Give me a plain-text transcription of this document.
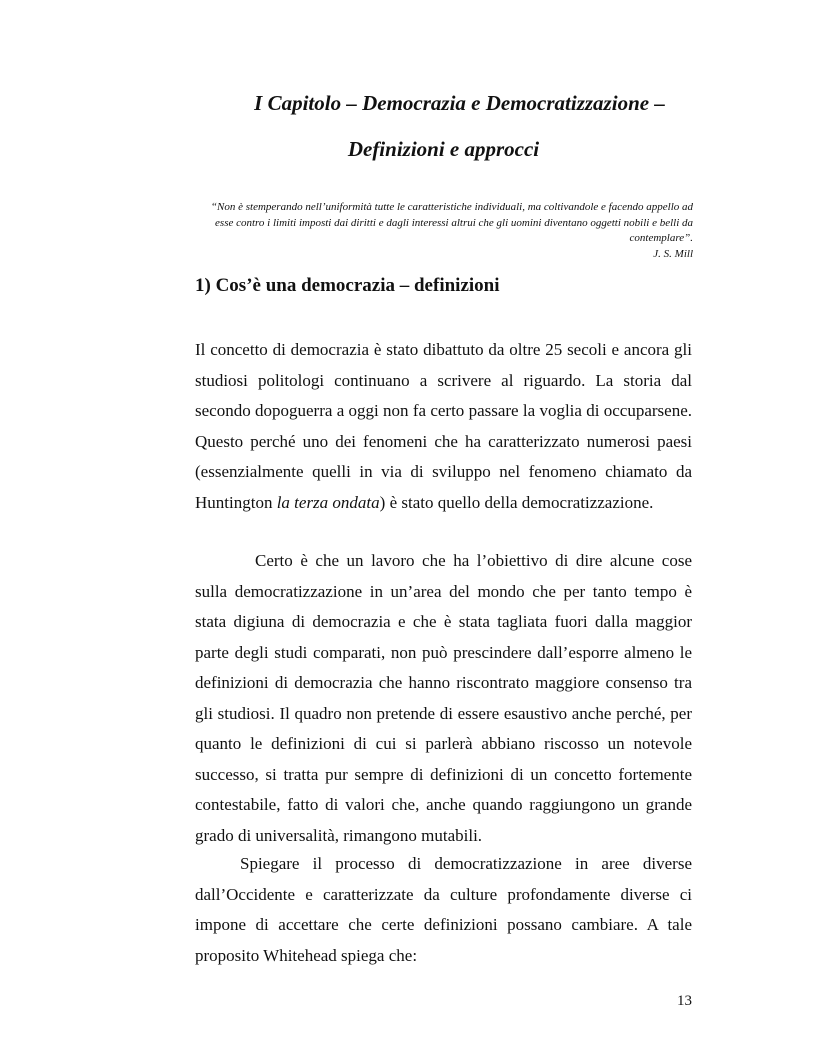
I Capitolo – Democrazia e Democratizzazione –
Definizioni e approcci
“Non è stemperando nell’uniformità tutte le caratteristiche individuali, ma coltivandole e facendo appello ad esse contro i limiti imposti dai diritti e dagli interessi altrui che gli uomini diventano oggetti nobili e belli da contemplare”.
J. S. Mill
1) Cos’è una democrazia – definizioni

Il concetto di democrazia è stato dibattuto da oltre 25 secoli e ancora gli studiosi politologi continuano a scrivere al riguardo. La storia dal secondo dopoguerra a oggi non fa certo passare la voglia di occuparsene. Questo perché uno dei fenomeni che ha caratterizzato numerosi paesi (essenzialmente quelli in via di sviluppo nel fenomeno chiamato da Huntington la terza ondata) è stato quello della democratizzazione.

Certo è che un lavoro che ha l’obiettivo di dire alcune cose sulla democratizzazione in un’area del mondo che per tanto tempo è stata digiuna di democrazia e che è stata tagliata fuori dalla maggior parte degli studi comparati, non può prescindere dall’esporre almeno le definizioni di democrazia che hanno riscontrato maggiore consenso tra gli studiosi. Il quadro non pretende di essere esaustivo anche perché, per quanto le definizioni di cui si parlerà abbiano riscosso un notevole successo, si tratta pur sempre di definizioni di un concetto fortemente contestabile, fatto di valori che, anche quando raggiungono un grande grado di universalità, rimangono mutabili.

Spiegare il processo di democratizzazione in aree diverse dall’Occidente e caratterizzate da culture profondamente diverse ci impone di accettare che certe definizioni possano cambiare. A tale proposito Whitehead spiega che:

13
